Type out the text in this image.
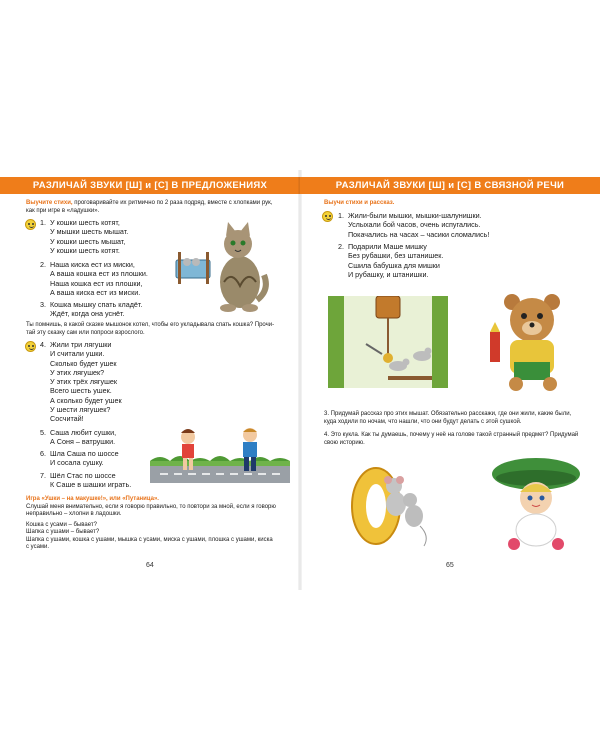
РАЗЛИЧАЙ ЗВУКИ [Ш] и [С] В ПРЕДЛОЖЕНИЯХ
Выучите стихи, проговаривайте их ритмично по 2 раза подряд, вместе с хлопками рук,
как при игре в «ладушки».
1. У кошки шесть котят,
У мышки шесть мышат.
У кошки шесть мышат,
У кошки шесть котят.
2. Наша киска ест из миски,
А ваша кошка ест из плошки.
Наша кошка ест из плошки,
А ваша киска ест из миски.
3. Кошка мышку спать кладёт.
Ждёт, когда она уснёт.
Ты помнишь, в какой сказке мышонок котел, чтобы его укладывала спать кошка? Прочи-
тай эту сказку сам или попроси взрослого.
4. Жили три лягушки
И считали ушки.
Сколько будет ушек
У этих лягушек?
У этих трёх лягушек
Всего шесть ушек.
А сколько будет ушек
У шести лягушек?
Сосчитай!
5. Саша любит сушки,
А Соня – ватрушки.
6. Шла Саша по шоссе
И сосала сушку.
7. Шёл Стас по шоссе
К Саше в шашки играть.
Игра «Ушки – на макушке!», или «Путаница».
Слушай меня внимательно, если я говорю правильно, то повтори за мной, если я говорю
неправильно – хлопни в ладошки.
Кошка с усами – бывает?
Шапка с ушами – бывает?
Шапка с ушами, кошка с ушами, мышка с усами, миска с ушами, плошка с ушами, киска
с усами.
64
РАЗЛИЧАЙ ЗВУКИ [Ш] и [С] В СВЯЗНОЙ РЕЧИ
Выучи стихи и рассказ.
1. Жили-были мышки, мышки-шалунишки.
Услыхали бой часов, очень испугались.
Покачались на часах – часики сломались!
2. Подарили Маше мишку
Без рубашки, без штанишек.
Сшила бабушка для мишки
И рубашку, и штанишки.
3. Придумай рассказ про этих мышат. Обязательно расскажи, где они жили, какие были,
куда ходили по ночам, что нашли, что они будут делать с этой сушкой.
4. Это кукла. Как ты думаешь, почему у неё на голове такой странный предмет? Придумай
свою историю.
65
